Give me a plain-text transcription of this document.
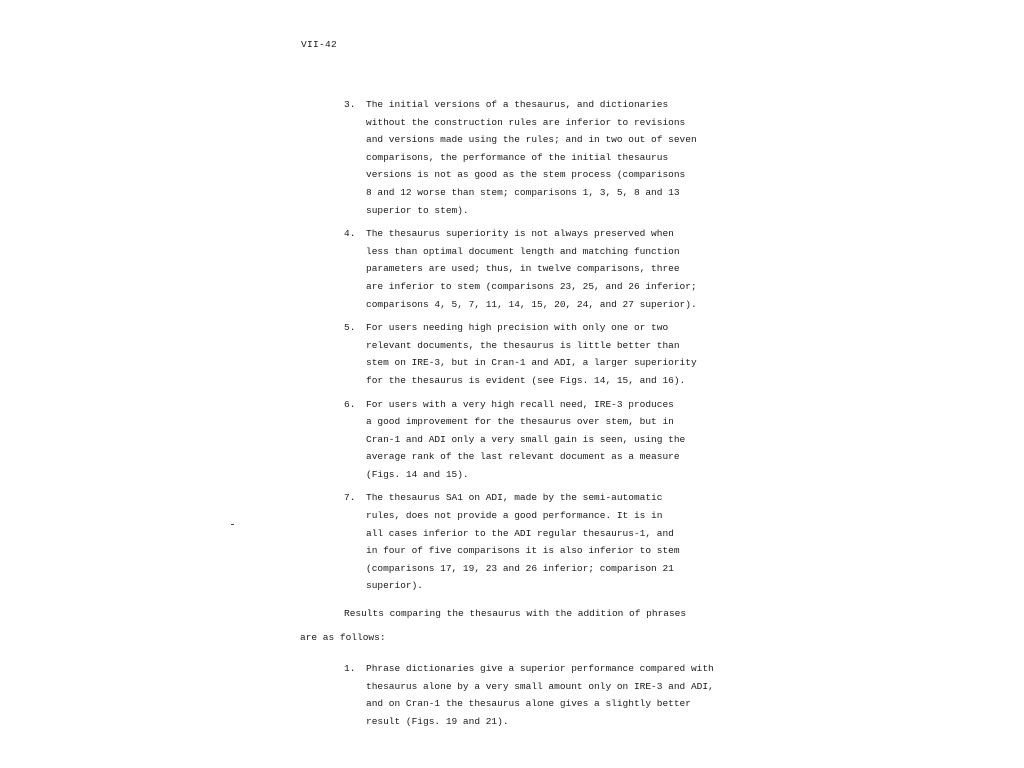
VII-42
3. The initial versions of a thesaurus, and dictionaries
without the construction rules are inferior to revisions
and versions made using the rules; and in two out of seven
comparisons, the performance of the initial thesaurus
versions is not as good as the stem process (comparisons
8 and 12 worse than stem; comparisons 1, 3, 5, 8 and 13
superior to stem).
4. The thesaurus superiority is not always preserved when
less than optimal document length and matching function
parameters are used; thus, in twelve comparisons, three
are inferior to stem (comparisons 23, 25, and 26 inferior;
comparisons 4, 5, 7, 11, 14, 15, 20, 24, and 27 superior).
5. For users needing high precision with only one or two
relevant documents, the thesaurus is little better than
stem on IRE-3, but in Cran-1 and ADI, a larger superiority
for the thesaurus is evident (see Figs. 14, 15, and 16).
6. For users with a very high recall need, IRE-3 produces
a good improvement for the thesaurus over stem, but in
Cran-1 and ADI only a very small gain is seen, using the
average rank of the last relevant document as a measure
(Figs. 14 and 15).
7. The thesaurus SA1 on ADI, made by the semi-automatic
rules, does not provide a good performance. It is in
all cases inferior to the ADI regular thesaurus-1, and
in four of five comparisons it is also inferior to stem
(comparisons 17, 19, 23 and 26 inferior; comparison 21
superior).
Results comparing the thesaurus with the addition of phrases
are as follows:
1. Phrase dictionaries give a superior performance compared with
thesaurus alone by a very small amount only on IRE-3 and ADI,
and on Cran-1 the thesaurus alone gives a slightly better
result (Figs. 19 and 21).
